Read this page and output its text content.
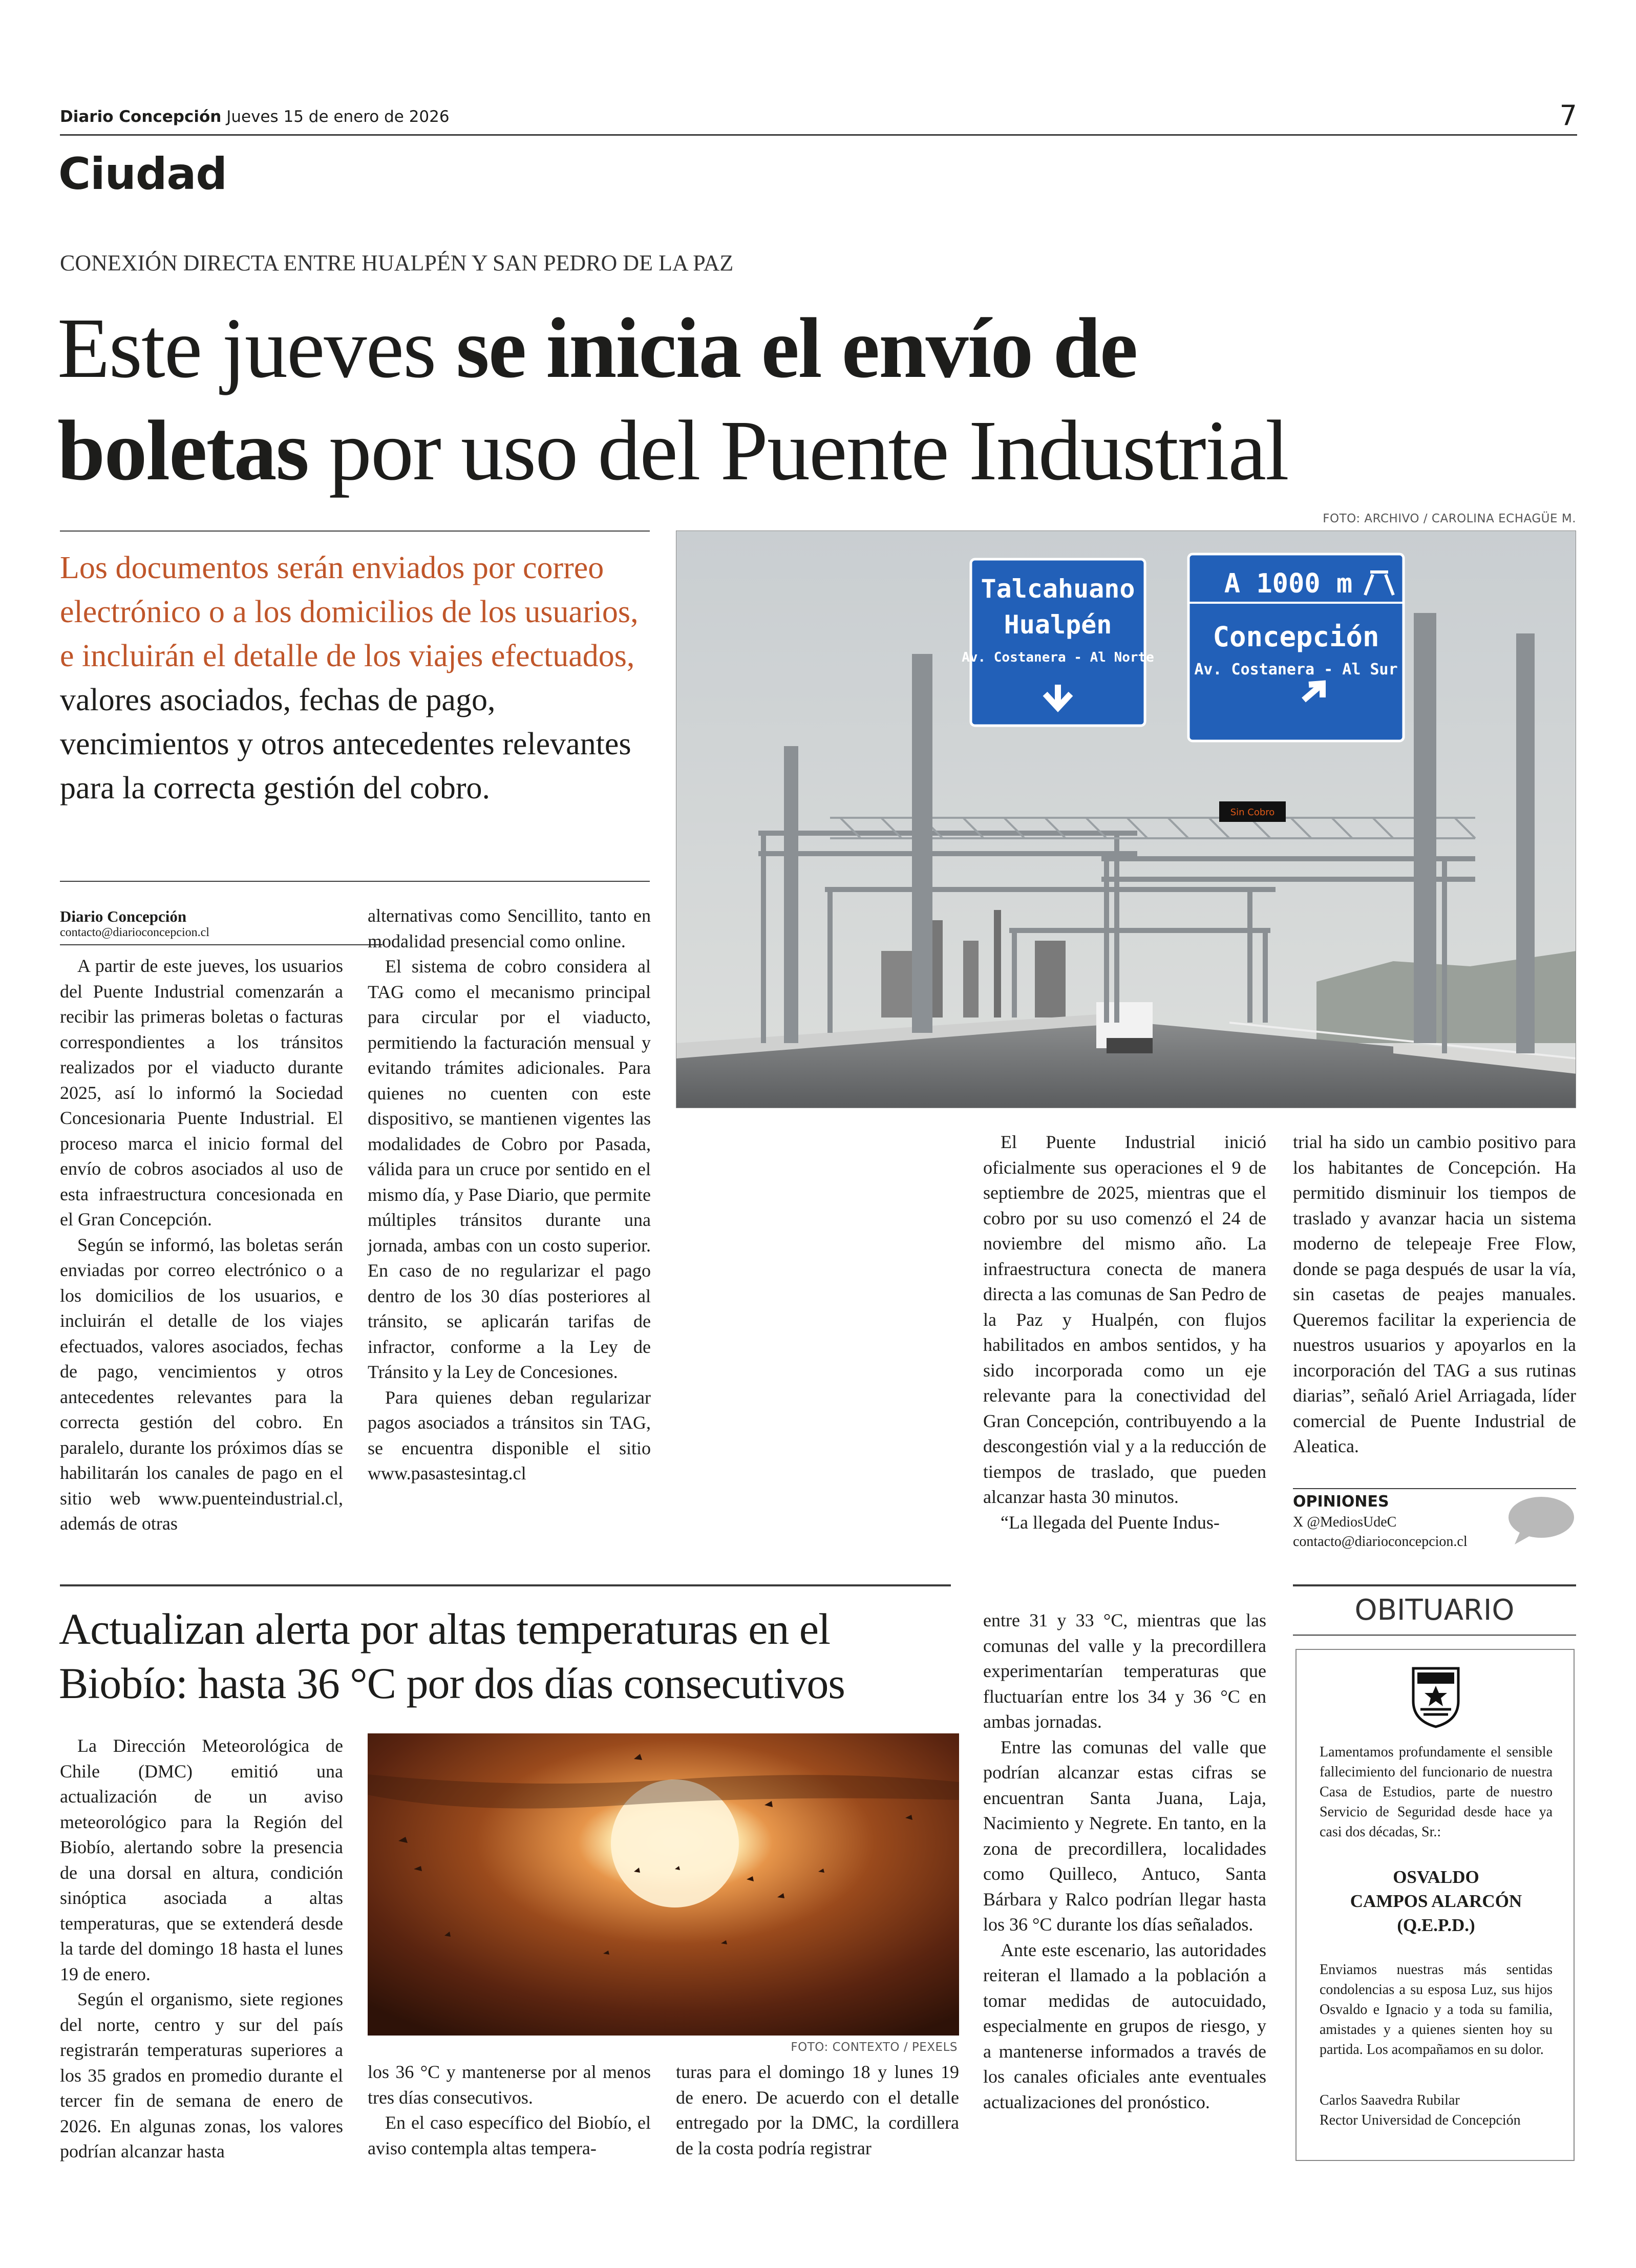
Diario Concepción Jueves 15 de enero de 2026	7
Ciudad
CONEXIÓN DIRECTA ENTRE HUALPÉN Y SAN PEDRO DE LA PAZ
Este jueves se inicia el envío de
boletas por uso del Puente Industrial
Los documentos serán enviados por correo electrónico o a los domicilios de los usuarios, e incluirán el detalle de los viajes efectuados, valores asociados, fechas de pago, vencimientos y otros antecedentes relevantes para la correcta gestión del cobro.
FOTO: ARCHIVO / CAROLINA ECHAGÜE M.
Sin Cobro
Talcahuano
Hualpén
Av. Costanera - Al Norte
A 1000 m
Concepción
Av. Costanera - Al Sur
Diario Concepción
contacto@diarioconcepcion.cl

A partir de este jueves, los usuarios del Puente Industrial comenzarán a recibir las primeras boletas o facturas correspondientes a los tránsitos realizados por el viaducto durante 2025, así lo informó la Sociedad Concesionaria Puente Industrial. El proceso marca el inicio formal del envío de cobros asociados al uso de esta infraestructura concesionada en el Gran Concepción.

Según se informó, las boletas serán enviadas por correo electrónico o a los domicilios de los usuarios, e incluirán el detalle de los viajes efectuados, valores asociados, fechas de pago, vencimientos y otros antecedentes relevantes para la correcta gestión del cobro. En paralelo, durante los próximos días se habilitarán los canales de pago en el sitio web www.puenteindustrial.cl, además de otras

alternativas como Sencillito, tanto en modalidad presencial como online.

El sistema de cobro considera al TAG como el mecanismo principal para circular por el viaducto, permitiendo la facturación mensual y evitando trámites adicionales. Para quienes no cuenten con este dispositivo, se mantienen vigentes las modalidades de Cobro por Pasada, válida para un cruce por sentido en el mismo día, y Pase Diario, que permite múltiples tránsitos durante una jornada, ambas con un costo superior. En caso de no regularizar el pago dentro de los 30 días posteriores al tránsito, se aplicarán tarifas de infractor, conforme a la Ley de Tránsito y la Ley de Concesiones.

Para quienes deban regularizar pagos asociados a tránsitos sin TAG, se encuentra disponible el sitio www.pasastesintag.cl

El Puente Industrial inició oficialmente sus operaciones el 9 de septiembre de 2025, mientras que el cobro por su uso comenzó el 24 de noviembre del mismo año. La infraestructura conecta de manera directa a las comunas de San Pedro de la Paz y Hualpén, con flujos habilitados en ambos sentidos, y ha sido incorporada como un eje relevante para la conectividad del Gran Concepción, contribuyendo a la descongestión vial y a la reducción de tiempos de traslado, que pueden alcanzar hasta 30 minutos.

“La llegada del Puente Indus-

trial ha sido un cambio positivo para los habitantes de Concepción. Ha permitido disminuir los tiempos de traslado y avanzar hacia un sistema moderno de telepeaje Free Flow, donde se paga después de usar la vía, sin casetas de peajes manuales. Queremos facilitar la experiencia de nuestros usuarios y apoyarlos en la incorporación del TAG a sus rutinas diarias”, señaló Ariel Arriagada, líder comercial de Puente Industrial de Aleatica.

OPINIONES
X @MediosUdeC
contacto@diarioconcepcion.cl
Actualizan alerta por altas temperaturas en el
Biobío: hasta 36 °C por dos días consecutivos

La Dirección Meteorológica de Chile (DMC) emitió una actualización de un aviso meteorológico para la Región del Biobío, alertando sobre la presencia de una dorsal en altura, condición sinóptica asociada a altas temperaturas, que se extenderá desde la tarde del domingo 18 hasta el lunes 19 de enero.

Según el organismo, siete regiones del norte, centro y sur del país registrarán temperaturas superiores a los 35 grados en promedio durante el tercer fin de semana de enero de 2026. En algunas zonas, los valores podrían alcanzar hasta

FOTO: CONTEXTO / PEXELS

los 36 °C y mantenerse por al menos tres días consecutivos.

En el caso específico del Biobío, el aviso contempla altas tempera-

turas para el domingo 18 y lunes 19 de enero. De acuerdo con el detalle entregado por la DMC, la cordillera de la costa podría registrar

entre 31 y 33 °C, mientras que las comunas del valle y la precordillera experimentarían temperaturas que fluctuarían entre los 34 y 36 °C en ambas jornadas.

Entre las comunas del valle que podrían alcanzar estas cifras se encuentran Santa Juana, Laja, Nacimiento y Negrete. En tanto, en la zona de precordillera, localidades como Quilleco, Antuco, Santa Bárbara y Ralco podrían llegar hasta los 36 °C durante los días señalados.

Ante este escenario, las autoridades reiteran el llamado a la población a tomar medidas de autocuidado, especialmente en grupos de riesgo, y a mantenerse informados a través de los canales oficiales ante eventuales actualizaciones del pronóstico.

OBITUARIO

Lamentamos profundamente el sensible fallecimiento del funcionario de nuestra Casa de Estudios, parte de nuestro Servicio de Seguridad desde hace ya casi dos décadas, Sr.:

OSVALDO
CAMPOS ALARCÓN
(Q.E.P.D.)

Enviamos nuestras más sentidas condolencias a su esposa Luz, sus hijos Osvaldo e Ignacio y a toda su familia, amistades y a quienes sienten hoy su partida. Los acompañamos en su dolor.

Carlos Saavedra Rubilar
Rector Universidad de Concepción
